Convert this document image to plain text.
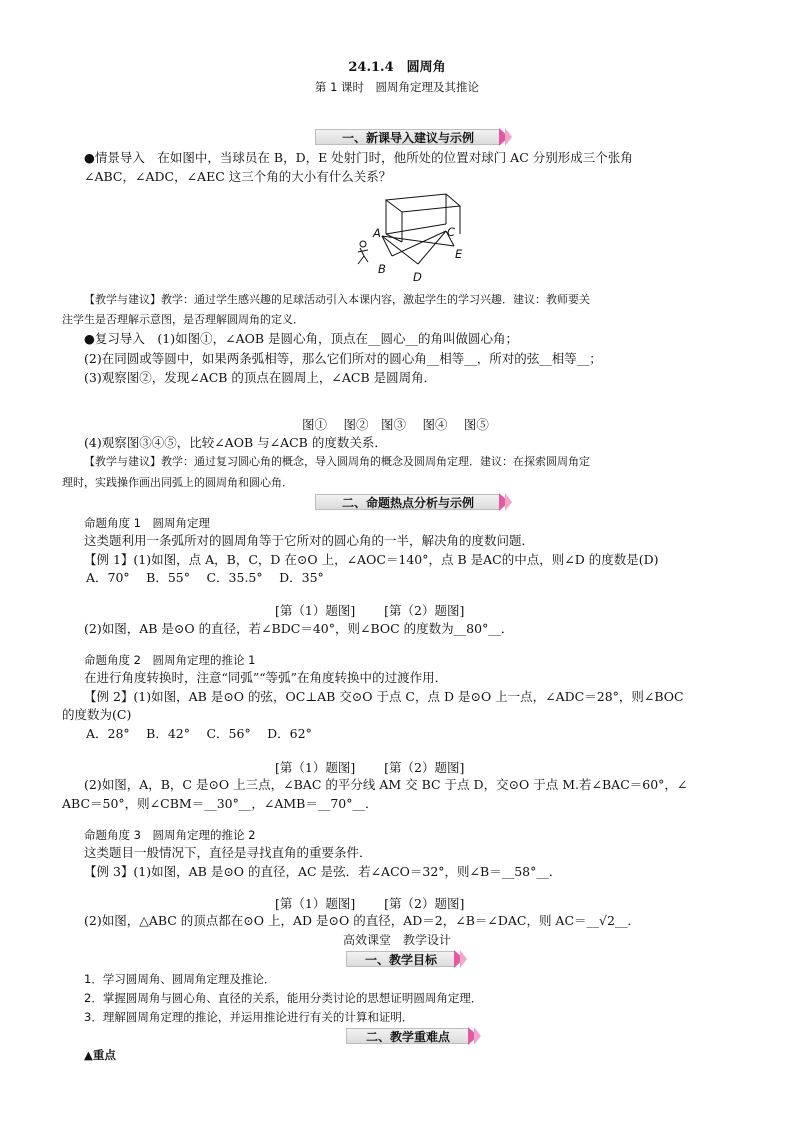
24.1.4　圆周角
第 1 课时　圆周角定理及其推论
一、新课导入建议与示例
●情景导入　在如图中，当球员在 B，D，E 处射门时，他所处的位置对球门 AC 分别形成三个张角
∠ABC，∠ADC，∠AEC 这三个角的大小有什么关系？
A
B
C
D
E
【教学与建议】教学：通过学生感兴趣的足球活动引入本课内容，激起学生的学习兴趣．建议：教师要关
注学生是否理解示意图，是否理解圆周角的定义．
●复习导入　(1)如图①，∠AOB 是圆心角，顶点在__圆心__的角叫做圆心角；
(2)在同圆或等圆中，如果两条弧相等，那么它们所对的圆心角__相等__，所对的弦__相等__；
(3)观察图②，发现∠ACB 的顶点在圆周上，∠ACB 是圆周角．
图①　 图②　图③　 图④　 图⑤
(4)观察图③④⑤，比较∠AOB 与∠ACB 的度数关系．
【教学与建议】教学：通过复习圆心角的概念，导入圆周角的概念及圆周角定理．建议：在探索圆周角定
理时，实践操作画出同弧上的圆周角和圆心角．
二、命题热点分析与示例
命题角度 1　圆周角定理
这类题利用一条弧所对的圆周角等于它所对的圆心角的一半，解决角的度数问题．
【例 1】(1)如图，点 A，B，C，D 在⊙O 上，∠AOC＝140°，点 B 是AC的中点，则∠D 的度数是(D)
A．70°　 B．55°　 C．35.5°　 D．35°
[第（1）题图]　　 [第（2）题图]
(2)如图，AB 是⊙O 的直径，若∠BDC＝40°，则∠BOC 的度数为__80°__．
命题角度 2　圆周角定理的推论 1
在进行角度转换时，注意“同弧”“等弧”在角度转换中的过渡作用．
【例 2】(1)如图，AB 是⊙O 的弦，OC⊥AB 交⊙O 于点 C，点 D 是⊙O 上一点，∠ADC＝28°，则∠BOC
的度数为(C)
A．28°　 B．42°　 C．56°　 D．62°
[第（1）题图]　　 [第（2）题图]
(2)如图，A，B，C 是⊙O 上三点，∠BAC 的平分线 AM 交 BC 于点 D，交⊙O 于点 M.若∠BAC＝60°，∠
ABC＝50°，则∠CBM＝__30°__，∠AMB＝__70°__．
命题角度 3　圆周角定理的推论 2
这类题目一般情况下，直径是寻找直角的重要条件．
【例 3】(1)如图，AB 是⊙O 的直径，AC 是弦．若∠ACO＝32°，则∠B＝__58°__．
[第（1）题图]　　 [第（2）题图]
(2)如图，△ABC 的顶点都在⊙O 上，AD 是⊙O 的直径，AD＝2，∠B＝∠DAC，则 AC＝__√2__．
高效课堂　教学设计
一、教学目标
1．学习圆周角、圆周角定理及推论．
2．掌握圆周角与圆心角、直径的关系，能用分类讨论的思想证明圆周角定理．
3．理解圆周角定理的推论，并运用推论进行有关的计算和证明．
二、教学重难点
▲重点
